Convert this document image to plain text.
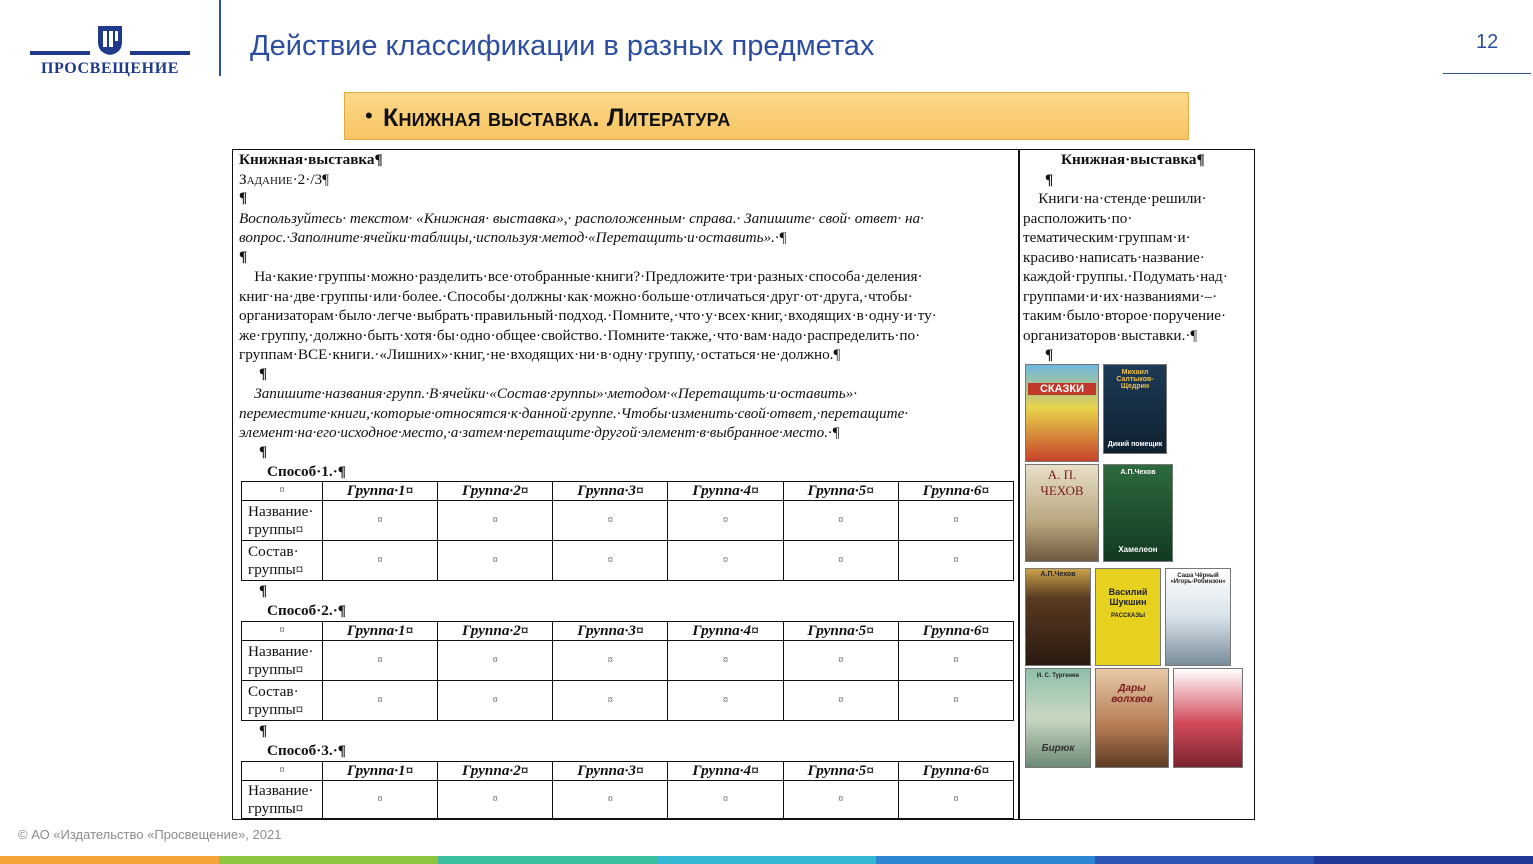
ПРОСВЕЩЕНИЕ
Действие классификации в разных предметах	12
• Книжная выставка. Литература
Книжная·выставка¶
Задание·2·/3¶
¶
Воспользуйтесь· текстом· «Книжная· выставка»,· расположенным· справа.· Запишите· свой· ответ· на·
вопрос.·Заполните·ячейки·таблицы,·используя·метод·«Перетащить·и·оставить».·¶
¶
На·какие·группы·можно·разделить·все·отобранные·книги?·Предложите·три·разных·способа·деления·
книг·на·две·группы·или·более.·Способы·должны·как·можно·больше·отличаться·друг·от·друга,·чтобы·
организаторам·было·легче·выбрать·правильный·подход.·Помните,·что·у·всех·книг,·входящих·в·одну·и·ту·
же·группу,·должно·быть·хотя·бы·одно·общее·свойство.·Помните·также,·что·вам·надо·распределить·по·
группам·ВСЕ·книги.·«Лишних»·книг,·не·входящих·ни·в·одну·группу,·остаться·не·должно.¶
¶
Запишите·названия·групп.·В·ячейки·«Состав·группы»·методом·«Перетащить·и·оставить»·
переместите·книги,·которые·относятся·к·данной·группе.·Чтобы·изменить·свой·ответ,·перетащите·
элемент·на·его·исходное·место,·а·затем·перетащите·другой·элемент·в·выбранное·место.·¶
¶
Способ·1.·¶
¤	Группа·1¤	Группа·2¤	Группа·3¤	Группа·4¤	Группа·5¤	Группа·6¤
Название·
группы¤	¤	¤	¤	¤	¤	¤
Состав·
группы¤	¤	¤	¤	¤	¤	¤
¶
Способ·2.·¶
¤	Группа·1¤	Группа·2¤	Группа·3¤	Группа·4¤	Группа·5¤	Группа·6¤
Название·
группы¤	¤	¤	¤	¤	¤	¤
Состав·
группы¤	¤	¤	¤	¤	¤	¤
¶
Способ·3.·¶
¤	Группа·1¤	Группа·2¤	Группа·3¤	Группа·4¤	Группа·5¤	Группа·6¤
Название·
группы¤	¤	¤	¤	¤	¤	¤
Книжная·выставка¶
¶
Книги·на·стенде·решили·
расположить·по·
тематическим·группам·и·
красиво·написать·название·
каждой·группы.·Подумать·над·
группами·и·их·названиями·–·
таким·было·второе·поручение·
организаторов·выставки.·¶
¶
СКАЗКИ
Михаил Салтыков-Щедрин
Дикий помещик
А. П. ЧЕХОВ
А.П.Чехов
Хамелеон
А.П.Чехов
Василий Шукшин
РАССКАЗЫ
Саша Чёрный «Игорь-Робинзон»
И. С. Тургенев
Бирюк
Дары волхвов
© АО «Издательство «Просвещение», 2021
